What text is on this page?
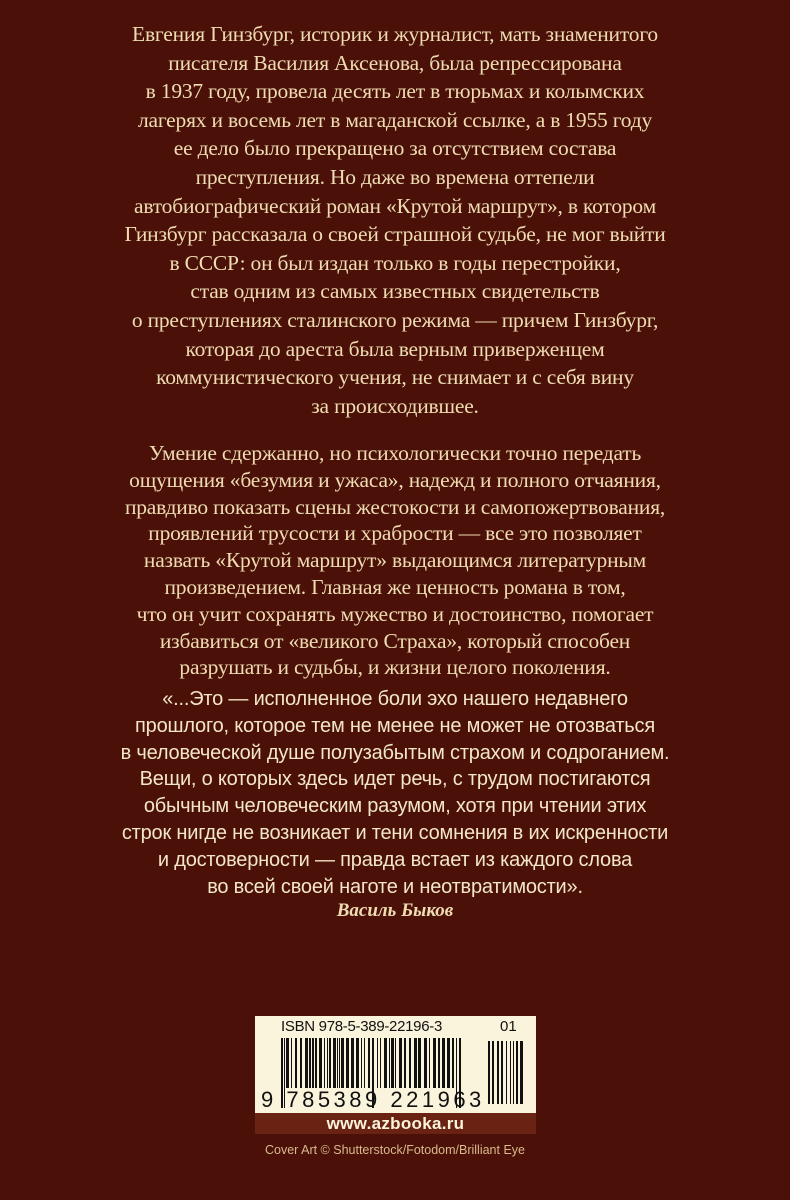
Евгения Гинзбург, историк и журналист, мать знаменитого
писателя Василия Аксенова, была репрессирована
в 1937 году, провела десять лет в тюрьмах и колымских
лагерях и восемь лет в магаданской ссылке, а в 1955 году
ее дело было прекращено за отсутствием состава
преступления. Но даже во времена оттепели
автобиографический роман «Крутой маршрут», в котором
Гинзбург рассказала о своей страшной судьбе, не мог выйти
в СССР: он был издан только в годы перестройки,
став одним из самых известных свидетельств
о преступлениях сталинского режима — причем Гинзбург,
которая до ареста была верным приверженцем
коммунистического учения, не снимает и с себя вину
за происходившее.
Умение сдержанно, но психологически точно передать
ощущения «безумия и ужаса», надежд и полного отчаяния,
правдиво показать сцены жестокости и самопожертвования,
проявлений трусости и храбрости — все это позволяет
назвать «Крутой маршрут» выдающимся литературным
произведением. Главная же ценность романа в том,
что он учит сохранять мужество и достоинство, помогает
избавиться от «великого Страха», который способен
разрушать и судьбы, и жизни целого поколения.
«...Это — исполненное боли эхо нашего недавнего
прошлого, которое тем не менее не может не отозваться
в человеческой душе полузабытым страхом и содроганием.
Вещи, о которых здесь идет речь, с трудом постигаются
обычным человеческим разумом, хотя при чтении этих
строк нигде не возникает и тени сомнения в их искренности
и достоверности — правда встает из каждого слова
во всей своей наготе и неотвратимости».
Василь Быков
ISBN 978-5-389-22196-3	01
9 785389 221963
www.azbooka.ru
Cover Art © Shutterstock/Fotodom/Brilliant Eye
